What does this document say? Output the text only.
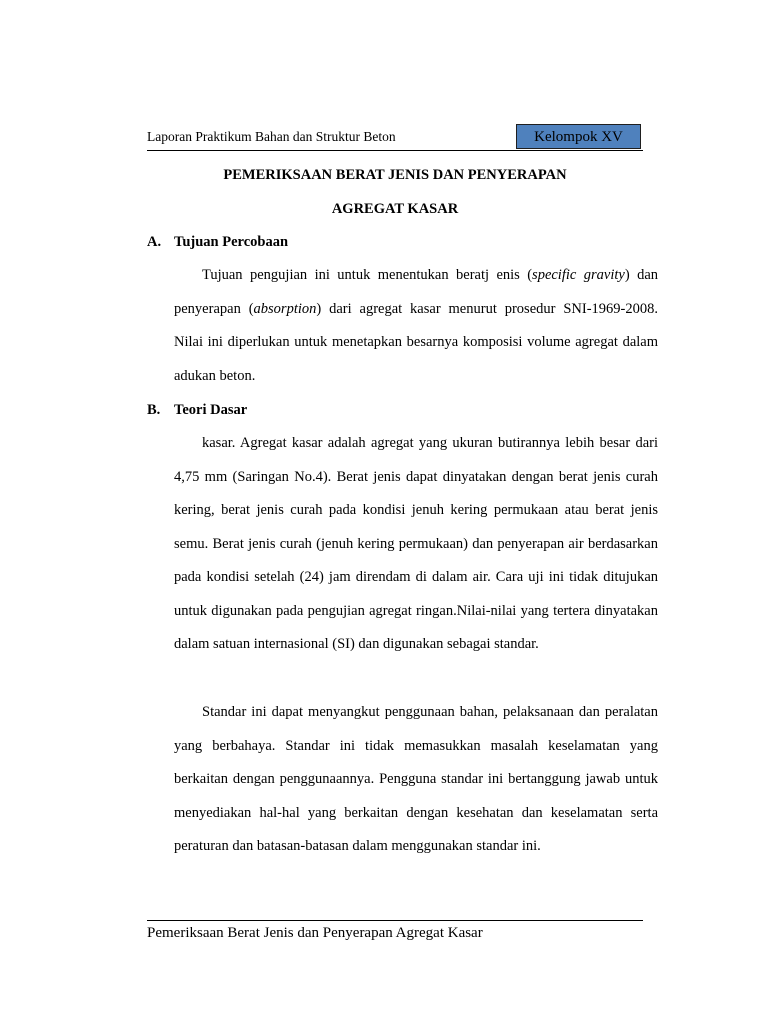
Laporan Praktikum Bahan dan Struktur Beton	Kelompok XV
PEMERIKSAAN BERAT JENIS DAN PENYERAPAN
AGREGAT KASAR
A. Tujuan Percobaan

Tujuan pengujian ini untuk menentukan beratj enis (specific gravity) dan penyerapan (absorption) dari agregat kasar menurut prosedur SNI-1969-2008. Nilai ini diperlukan untuk menetapkan besarnya komposisi volume agregat dalam adukan beton.

B. Teori Dasar

kasar. Agregat kasar adalah agregat yang ukuran butirannya lebih besar dari 4,75 mm (Saringan No.4). Berat jenis dapat dinyatakan dengan berat jenis curah kering, berat jenis curah pada kondisi jenuh kering permukaan atau berat jenis semu. Berat jenis curah (jenuh kering permukaan) dan penyerapan air berdasarkan pada kondisi setelah (24) jam direndam di dalam air. Cara uji ini tidak ditujukan untuk digunakan pada pengujian agregat ringan.Nilai-nilai yang tertera dinyatakan dalam satuan internasional (SI) dan digunakan sebagai standar.

Standar ini dapat menyangkut penggunaan bahan, pelaksanaan dan peralatan yang berbahaya. Standar ini tidak memasukkan masalah keselamatan yang berkaitan dengan penggunaannya. Pengguna standar ini bertanggung jawab untuk menyediakan hal-hal yang berkaitan dengan kesehatan dan keselamatan serta peraturan dan batasan-batasan dalam menggunakan standar ini.

Pemeriksaan Berat Jenis dan Penyerapan Agregat Kasar
